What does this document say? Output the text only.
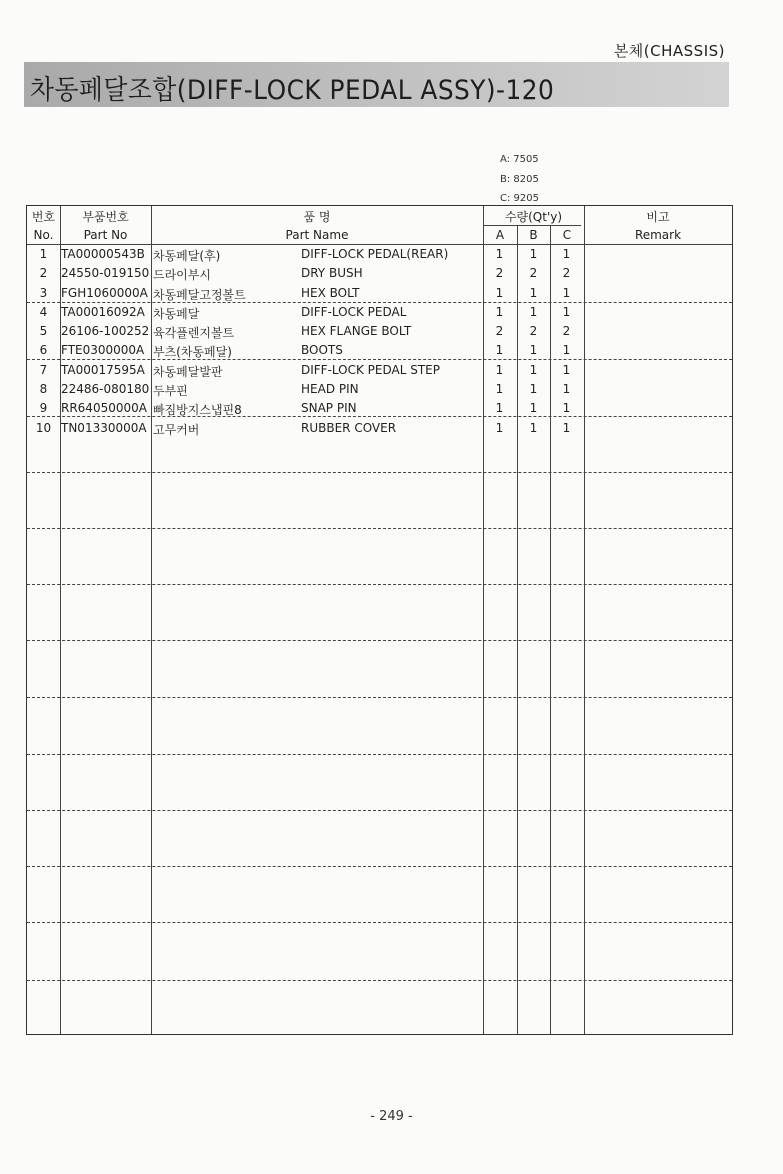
본체(CHASSIS)
차동페달조합(DIFF-LOCK PEDAL ASSY)-120
A: 7505
B: 8205
C: 9205
번호
No.
부품번호
Part No
품 명
Part Name
수량(Qt'y)
A	B	C
비고
Remark
1	TA00000543B 차동페달(후)	DIFF-LOCK PEDAL(REAR)	1	1	1
2	24550-019150 드라이부시	DRY BUSH	2	2	2
3	FGH1060000A 차동페달고정볼트	HEX BOLT	1	1	1
4	TA00016092A 차동페달	DIFF-LOCK PEDAL	1	1	1
5	26106-100252 육각플렌지볼트	HEX FLANGE BOLT	2	2	2
6	FTE0300000A 부츠(차동페달)	BOOTS	1	1	1
7	TA00017595A 차동페달발판	DIFF-LOCK PEDAL STEP	1	1	1
8	22486-080180 두부핀	HEAD PIN	1	1	1
9	RR64050000A 빠짐방지스냅핀8	SNAP PIN	1	1	1
10 TN01330000A 고무커버	RUBBER COVER	1	1	1
- 249 -
